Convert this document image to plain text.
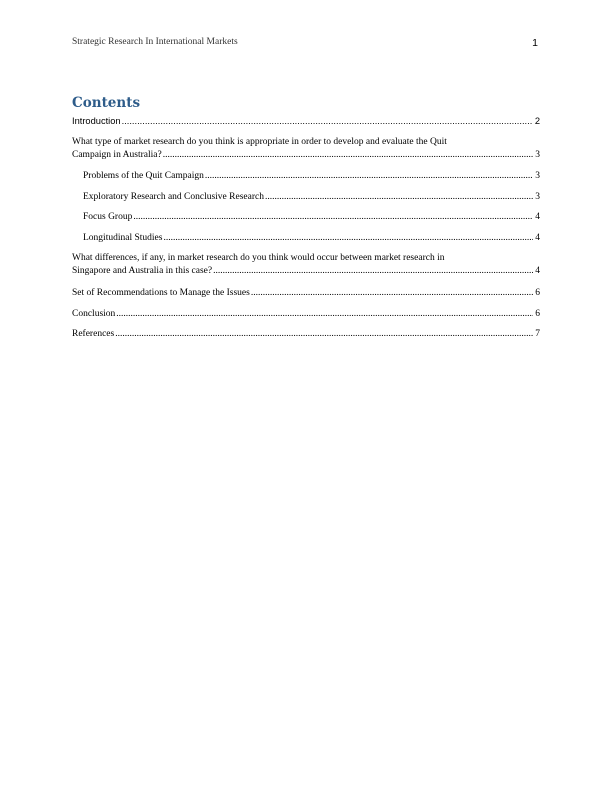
Strategic Research In International Markets	1
Contents
Introduction .....	2
What type of market research do you think is appropriate in order to develop and evaluate the Quit
Campaign in Australia? .....	3
Problems of the Quit Campaign .....	3
Exploratory Research and Conclusive Research .....	3
Focus Group .....	4
Longitudinal Studies .....	4
What differences, if any, in market research do you think would occur between market research in
Singapore and Australia in this case? .....	4
Set of Recommendations to Manage the Issues .....	6
Conclusion .....	6
References .....	7
